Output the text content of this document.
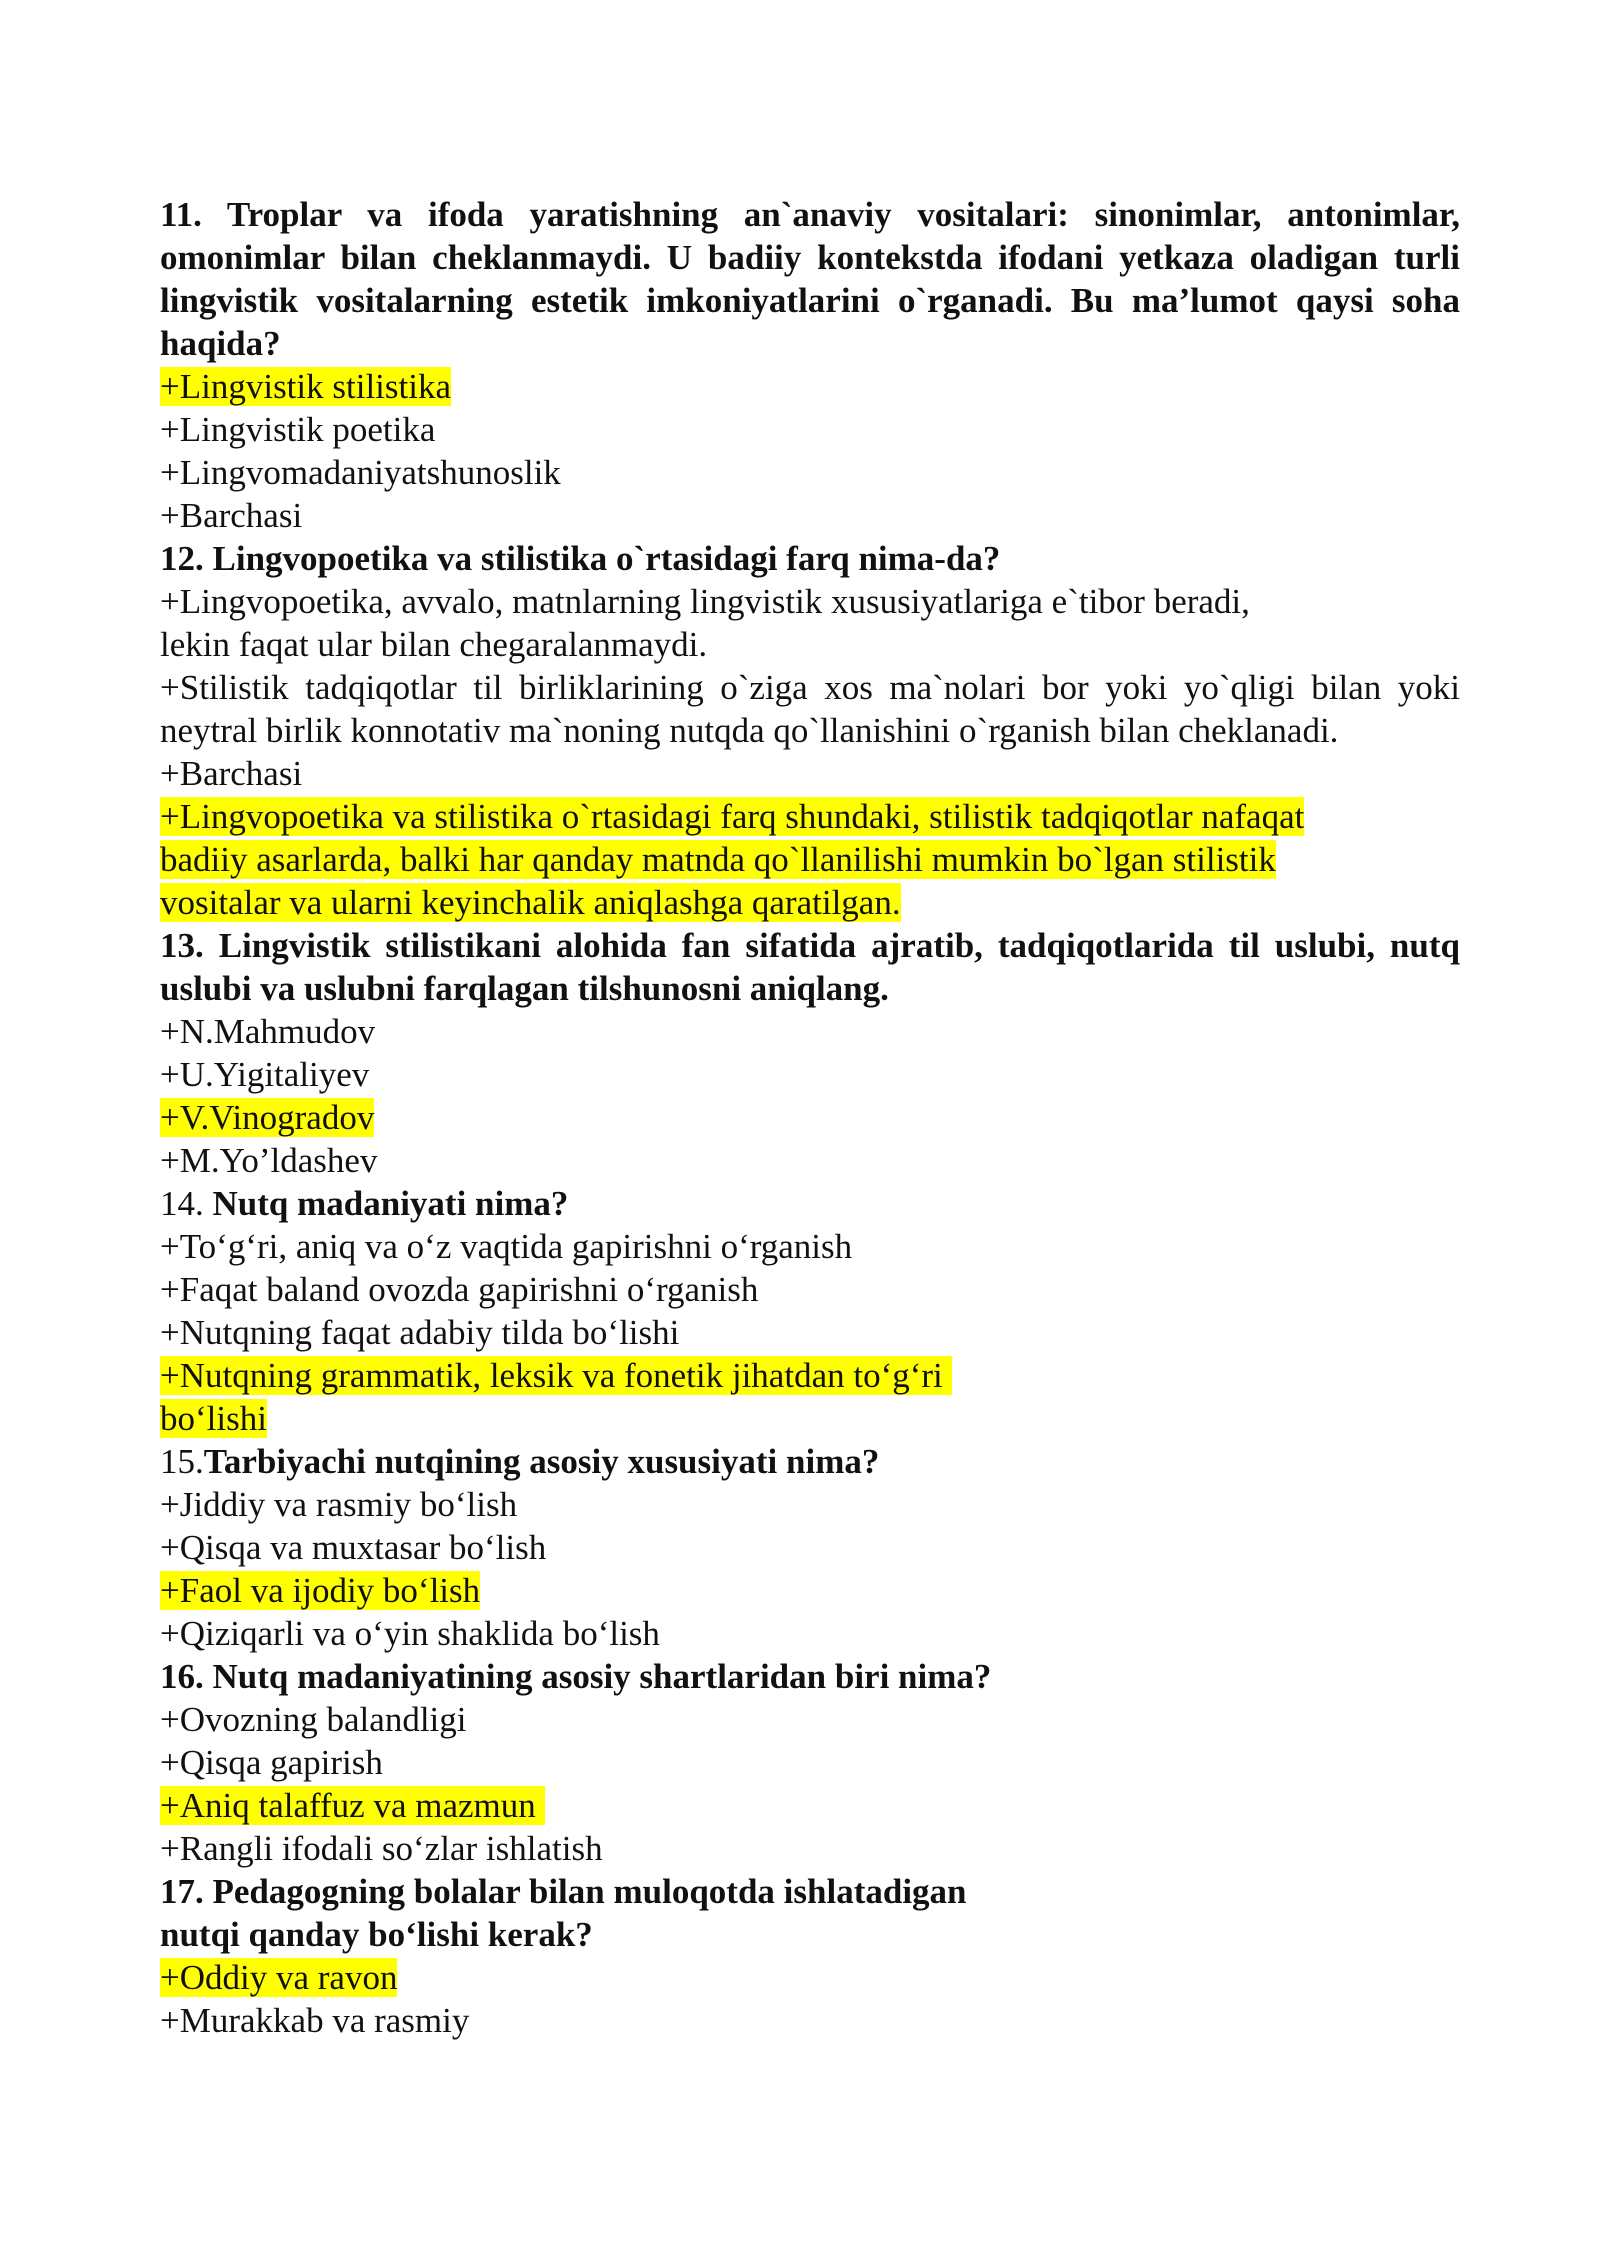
11. Troplar va ifoda yaratishning an`anaviy vositalari: sinonimlar, antonimlar, omonimlar bilan cheklanmaydi. U badiiy kontekstda ifodani yetkaza oladigan turli lingvistik vositalarning estetik imkoniyatlarini o`rganadi. Bu ma’lumot qaysi soha haqida?

+Lingvistik stilistika

+Lingvistik poetika

+Lingvomadaniyatshunoslik

+Barchasi

12. Lingvopoetika va stilistika o`rtasidagi farq nima-da?

+Lingvopoetika, avvalo, matnlarning lingvistik xususiyatlariga e`tibor beradi,
lekin faqat ular bilan chegaralanmaydi.

+Stilistik tadqiqotlar til birliklarining o`ziga xos ma`nolari bor yoki yo`qligi bilan yoki neytral birlik konnotativ ma`noning nutqda qo`llanishini o`rganish bilan cheklanadi.

+Barchasi

+Lingvopoetika va stilistika o`rtasidagi farq shundaki, stilistik tadqiqotlar nafaqat
badiiy asarlarda, balki har qanday matnda qo`llanilishi mumkin bo`lgan stilistik
vositalar va ularni keyinchalik aniqlashga qaratilgan.

13. Lingvistik stilistikani alohida fan sifatida ajratib, tadqiqotlarida til uslubi, nutq uslubi va uslubni farqlagan tilshunosni aniqlang.

+N.Mahmudov

+U.Yigitaliyev

+V.Vinogradov

+M.Yo’ldashev

14. Nutq madaniyati nima?

+To‘g‘ri, aniq va o‘z vaqtida gapirishni o‘rganish

+Faqat baland ovozda gapirishni o‘rganish

+Nutqning faqat adabiy tilda bo‘lishi

+Nutqning grammatik, leksik va fonetik jihatdan to‘g‘ri
bo‘lishi

15.Tarbiyachi nutqining asosiy xususiyati nima?

+Jiddiy va rasmiy bo‘lish

+Qisqa va muxtasar bo‘lish

+Faol va ijodiy bo‘lish

+Qiziqarli va o‘yin shaklida bo‘lish

16. Nutq madaniyatining asosiy shartlaridan biri nima?

+Ovozning balandligi

+Qisqa gapirish

+Aniq talaffuz va mazmun

+Rangli ifodali so‘zlar ishlatish

17. Pedagogning bolalar bilan muloqotda ishlatadigan
nutqi qanday bo‘lishi kerak?

+Oddiy va ravon

+Murakkab va rasmiy
